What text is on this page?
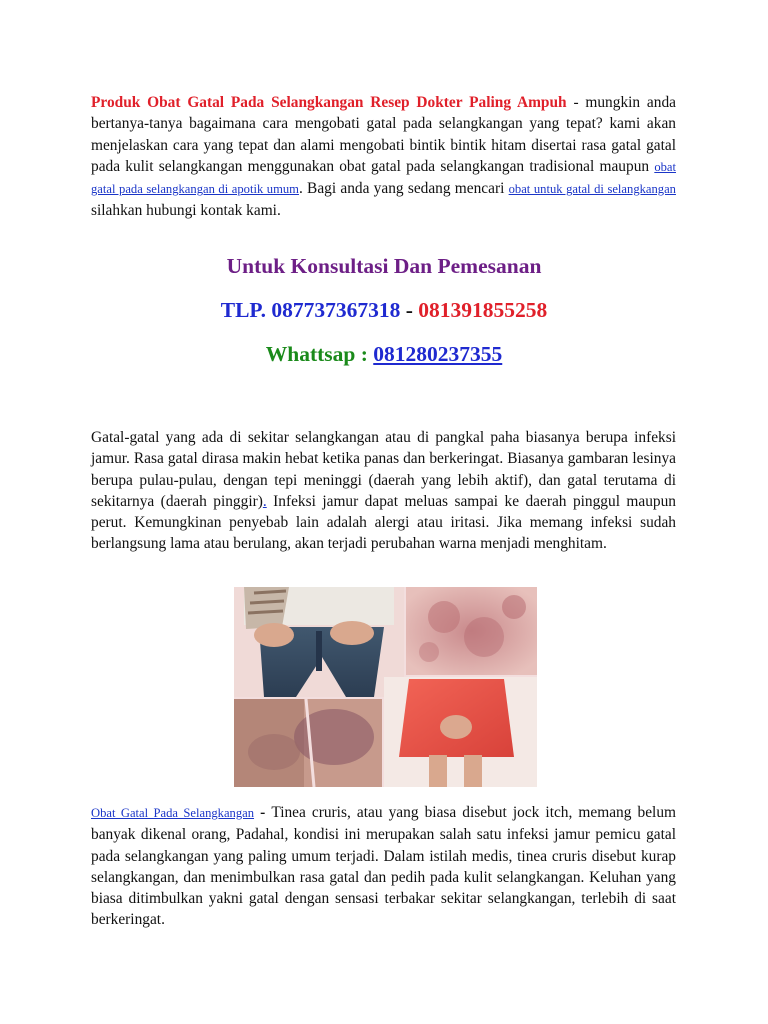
Produk Obat Gatal Pada Selangkangan Resep Dokter Paling Ampuh - mungkin anda bertanya-tanya bagaimana cara mengobati gatal pada selangkangan yang tepat? kami akan menjelaskan cara yang tepat dan alami mengobati bintik bintik hitam disertai rasa gatal gatal pada kulit selangkangan menggunakan obat gatal pada selangkangan tradisional maupun obat gatal pada selangkangan di apotik umum. Bagi anda yang sedang mencari obat untuk gatal di selangkangan silahkan hubungi kontak kami.

Untuk Konsultasi Dan Pemesanan
TLP. 087737367318 - 081391855258
Whattsap : 081280237355

Gatal-gatal yang ada di sekitar selangkangan atau di pangkal paha biasanya berupa infeksi jamur. Rasa gatal dirasa makin hebat ketika panas dan berkeringat. Biasanya gambaran lesinya berupa pulau-pulau, dengan tepi meninggi (daerah yang lebih aktif), dan gatal terutama di sekitarnya (daerah pinggir). Infeksi jamur dapat meluas sampai ke daerah pinggul maupun perut. Kemungkinan penyebab lain adalah alergi atau iritasi. Jika memang infeksi sudah berlangsung lama atau berulang, akan terjadi perubahan warna menjadi menghitam.

Obat Gatal Pada Selangkangan - Tinea cruris, atau yang biasa disebut jock itch, memang belum banyak dikenal orang, Padahal, kondisi ini merupakan salah satu infeksi jamur pemicu gatal pada selangkangan yang paling umum terjadi. Dalam istilah medis, tinea cruris disebut kurap selangkangan, dan menimbulkan rasa gatal dan pedih pada kulit selangkangan. Keluhan yang biasa ditimbulkan yakni gatal dengan sensasi terbakar sekitar selangkangan, terlebih di saat berkeringat.
